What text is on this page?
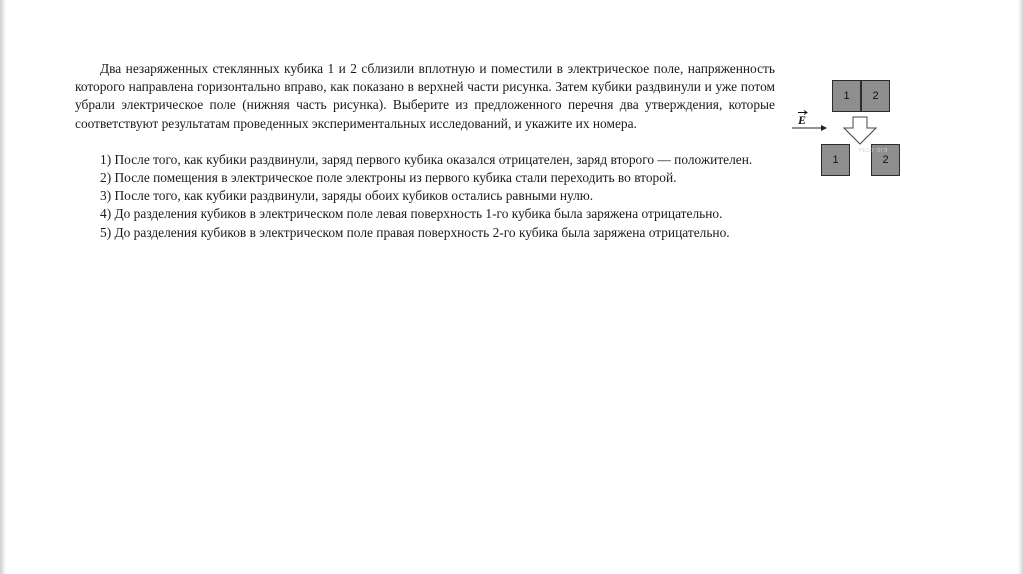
Два незаряженных стеклянных кубика 1 и 2 сблизили вплотную и поместили в электрическое поле, напряженность которого направлена горизонтально вправо, как показано в верхней части рисунка. Затем кубики раздвинули и уже потом убрали электрическое поле (нижняя часть рисунка). Выберите из предложенного перечня два утверждения, которые соответствуют результатам проведенных экспериментальных исследований, и укажите их номера.

1) После того, как кубики раздвинули, заряд первого кубика оказался отрицателен, заряд второго — положителен.

2) После помещения в электрическое поле электроны из первого кубика стали переходить во второй.

3) После того, как кубики раздвинули, заряды обоих кубиков остались равными нулю.

4) До разделения кубиков в электрическом поле левая поверхность 1-го кубика была заряжена отрицательно.

5) До разделения кубиков в электрическом поле правая поверхность 2-го кубика была заряжена отрицательно.

1 2
E
1	2
РЕШУ ОГЭ
